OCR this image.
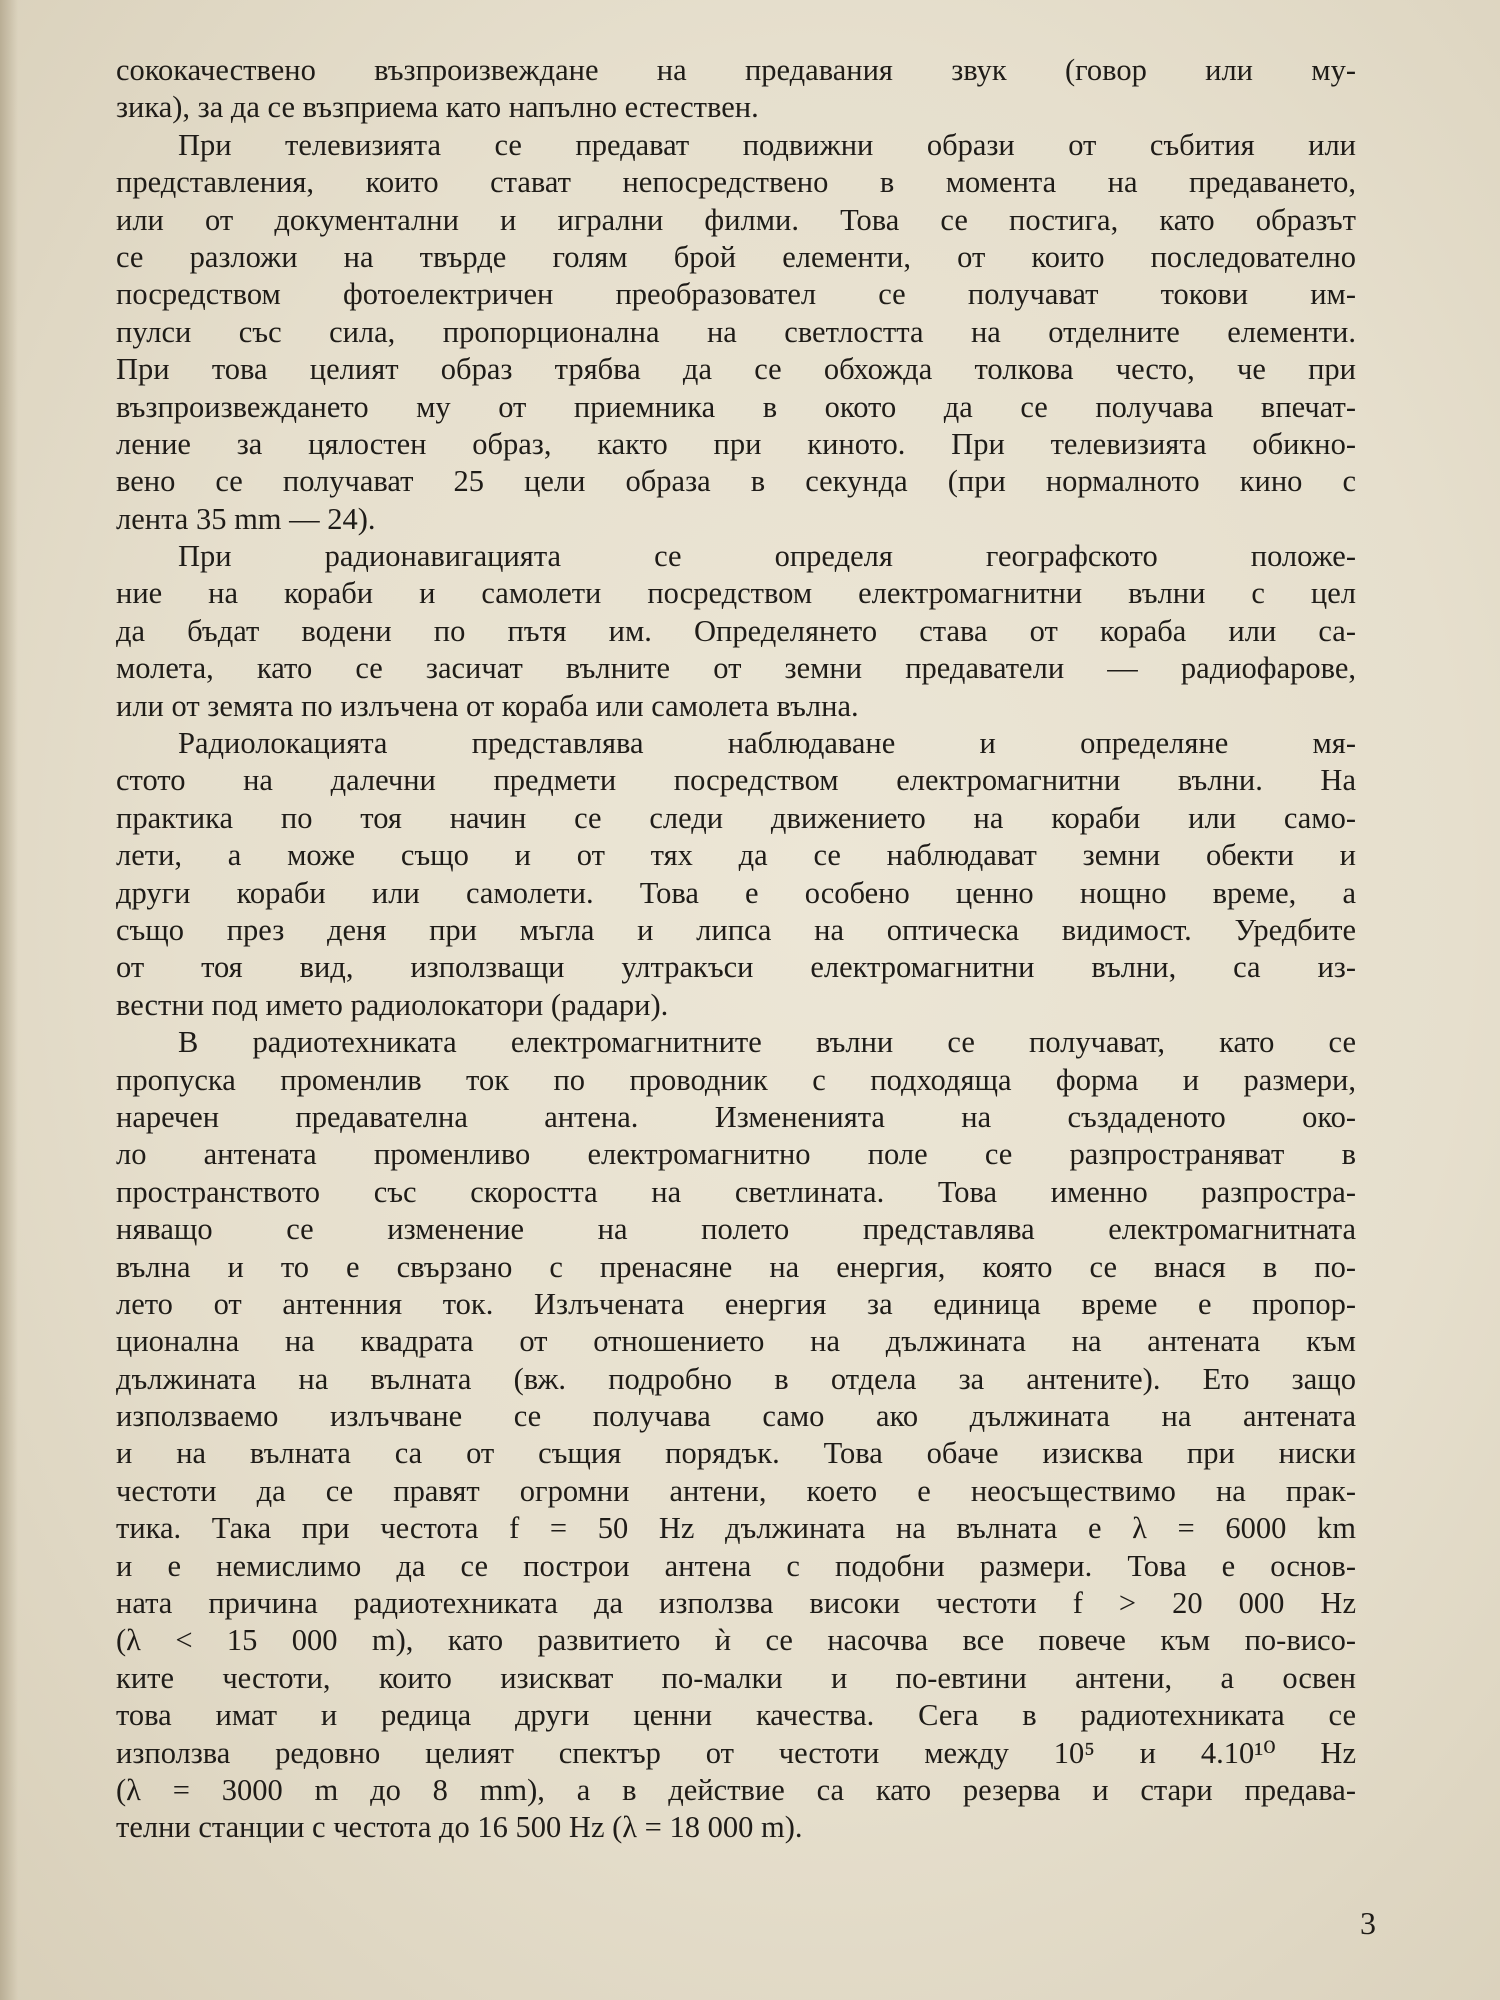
сококачествено възпроизвеждане на предавания звук (говор или му-
зика), за да се възприема като напълно естествен.
При телевизията се предават подвижни образи от събития или
представления, които стават непосредствено в момента на предаването,
или от документални и игрални филми. Това се постига, като образът
се разложи на твърде голям брой елементи, от които последователно
посредством фотоелектричен преобразовател се получават токови им-
пулси със сила, пропорционална на светлостта на отделните елементи.
При това целият образ трябва да се обхожда толкова често, че при
възпроизвеждането му от приемника в окото да се получава впечат-
ление за цялостен образ, както при киното. При телевизията обикно-
вено се получават 25 цели образа в секунда (при нормалното кино с
лента 35 mm — 24).
При радионавигацията се определя географското положе-
ние на кораби и самолети посредством електромагнитни вълни с цел
да бъдат водени по пътя им. Определянето става от кораба или са-
молета, като се засичат вълните от земни предаватели — радиофарове,
или от земята по излъчена от кораба или самолета вълна.
Радиолокацията представлява наблюдаване и определяне мя-
стото на далечни предмети посредством електромагнитни вълни. На
практика по тоя начин се следи движението на кораби или само-
лети, а може също и от тях да се наблюдават земни обекти и
други кораби или самолети. Това е особено ценно нощно време, а
също през деня при мъгла и липса на оптическа видимост. Уредбите
от тоя вид, използващи ултракъси електромагнитни вълни, са из-
вестни под името радиолокатори (радари).
В радиотехниката електромагнитните вълни се получават, като се
пропуска променлив ток по проводник с подходяща форма и размери,
наречен предавателна антена. Измененията на създаденото око-
ло антената променливо електромагнитно поле се разпространяват в
пространството със скоростта на светлината. Това именно разпростра-
няващо се изменение на полето представлява електромагнитната
вълна и то е свързано с пренасяне на енергия, която се внася в по-
лето от антенния ток. Излъчената енергия за единица време е пропор-
ционална на квадрата от отношението на дължината на антената към
дължината на вълната (вж. подробно в отдела за антените). Ето защо
използваемо излъчване се получава само ако дължината на антената
и на вълната са от същия порядък. Това обаче изисква при ниски
честоти да се правят огромни антени, което е неосъществимо на прак-
тика. Така при честота f = 50 Hz дължината на вълната е λ = 6000 km
и е немислимо да се построи антена с подобни размери. Това е основ-
ната причина радиотехниката да използва високи честоти f > 20 000 Hz
(λ < 15 000 m), като развитието ѝ се насочва все повече към по-висо-
ките честоти, които изискват по-малки и по-евтини антени, а освен
това имат и редица други ценни качества. Сега в радиотехниката се
използва редовно целият спектър от честоти между 10⁵ и 4.10¹⁰ Hz
(λ = 3000 m до 8 mm), а в действие са като резерва и стари предава-
телни станции с честота до 16 500 Hz (λ = 18 000 m).
3
